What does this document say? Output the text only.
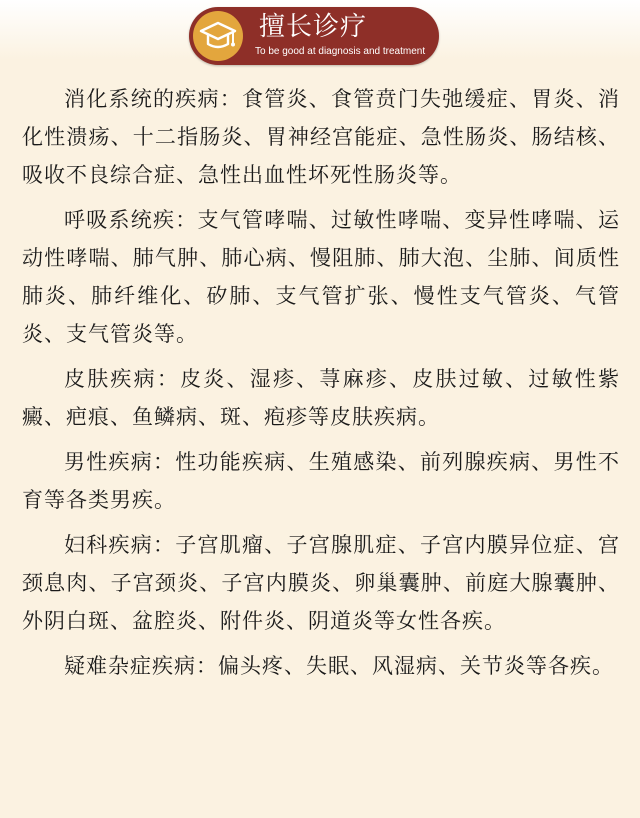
擅长诊疗
To be good at diagnosis and treatment

消化系统的疾病：食管炎、食管贲门失弛缓症、胃炎、消化性溃疡、十二指肠炎、胃神经宫能症、急性肠炎、肠结核、吸收不良综合症、急性出血性坏死性肠炎等。

呼吸系统疾：支气管哮喘、过敏性哮喘、变异性哮喘、运动性哮喘、肺气肿、肺心病、慢阻肺、肺大泡、尘肺、间质性肺炎、肺纤维化、矽肺、支气管扩张、慢性支气管炎、气管炎、支气管炎等。

皮肤疾病：皮炎、湿疹、荨麻疹、皮肤过敏、过敏性紫癜、疤痕、鱼鳞病、斑、疱疹等皮肤疾病。

男性疾病：性功能疾病、生殖感染、前列腺疾病、男性不育等各类男疾。

妇科疾病：子宫肌瘤、子宫腺肌症、子宫内膜异位症、宫颈息肉、子宫颈炎、子宫内膜炎、卵巢囊肿、前庭大腺囊肿、外阴白斑、盆腔炎、附件炎、阴道炎等女性各疾。

疑难杂症疾病：偏头疼、失眠、风湿病、关节炎等各疾。
